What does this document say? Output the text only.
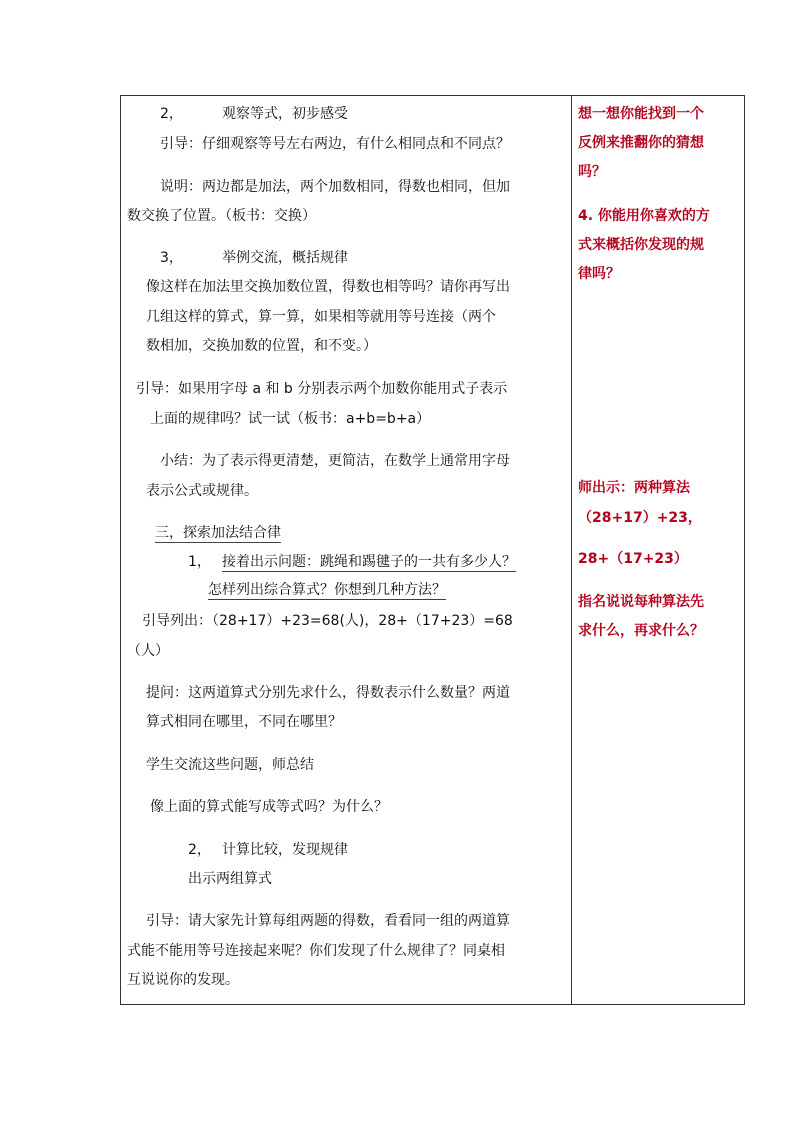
2，	观察等式，初步感受
引导：仔细观察等号左右两边，有什么相同点和不同点？
说明：两边都是加法，两个加数相同，得数也相同，但加
数交换了位置。（板书：交换）
3，	举例交流，概括规律
像这样在加法里交换加数位置，得数也相等吗？请你再写出
几组这样的算式，算一算，如果相等就用等号连接（两个
数相加，交换加数的位置，和不变。）
引导：如果用字母 a 和 b 分别表示两个加数你能用式子表示
上面的规律吗？试一试（板书：a+b=b+a）
小结：为了表示得更清楚，更简洁，在数学上通常用字母
表示公式或规律。
三，探索加法结合律
1， 接着出示问题：跳绳和踢毽子的一共有多少人？
怎样列出综合算式？你想到几种方法？
引导列出：（28+17）+23=68(人)，28+（17+23）=68
（人）
提问：这两道算式分别先求什么，得数表示什么数量？两道
算式相同在哪里，不同在哪里？
学生交流这些问题，师总结
像上面的算式能写成等式吗？为什么？
2， 计算比较，发现规律
出示两组算式
引导：请大家先计算每组两题的得数，看看同一组的两道算
式能不能用等号连接起来呢？你们发现了什么规律了？同桌相
互说说你的发现。
想一想你能找到一个
反例来推翻你的猜想
吗？
4. 你能用你喜欢的方
式来概括你发现的规
律吗？
师出示：两种算法
（28+17）+23，
28+（17+23）
指名说说每种算法先
求什么，再求什么？
